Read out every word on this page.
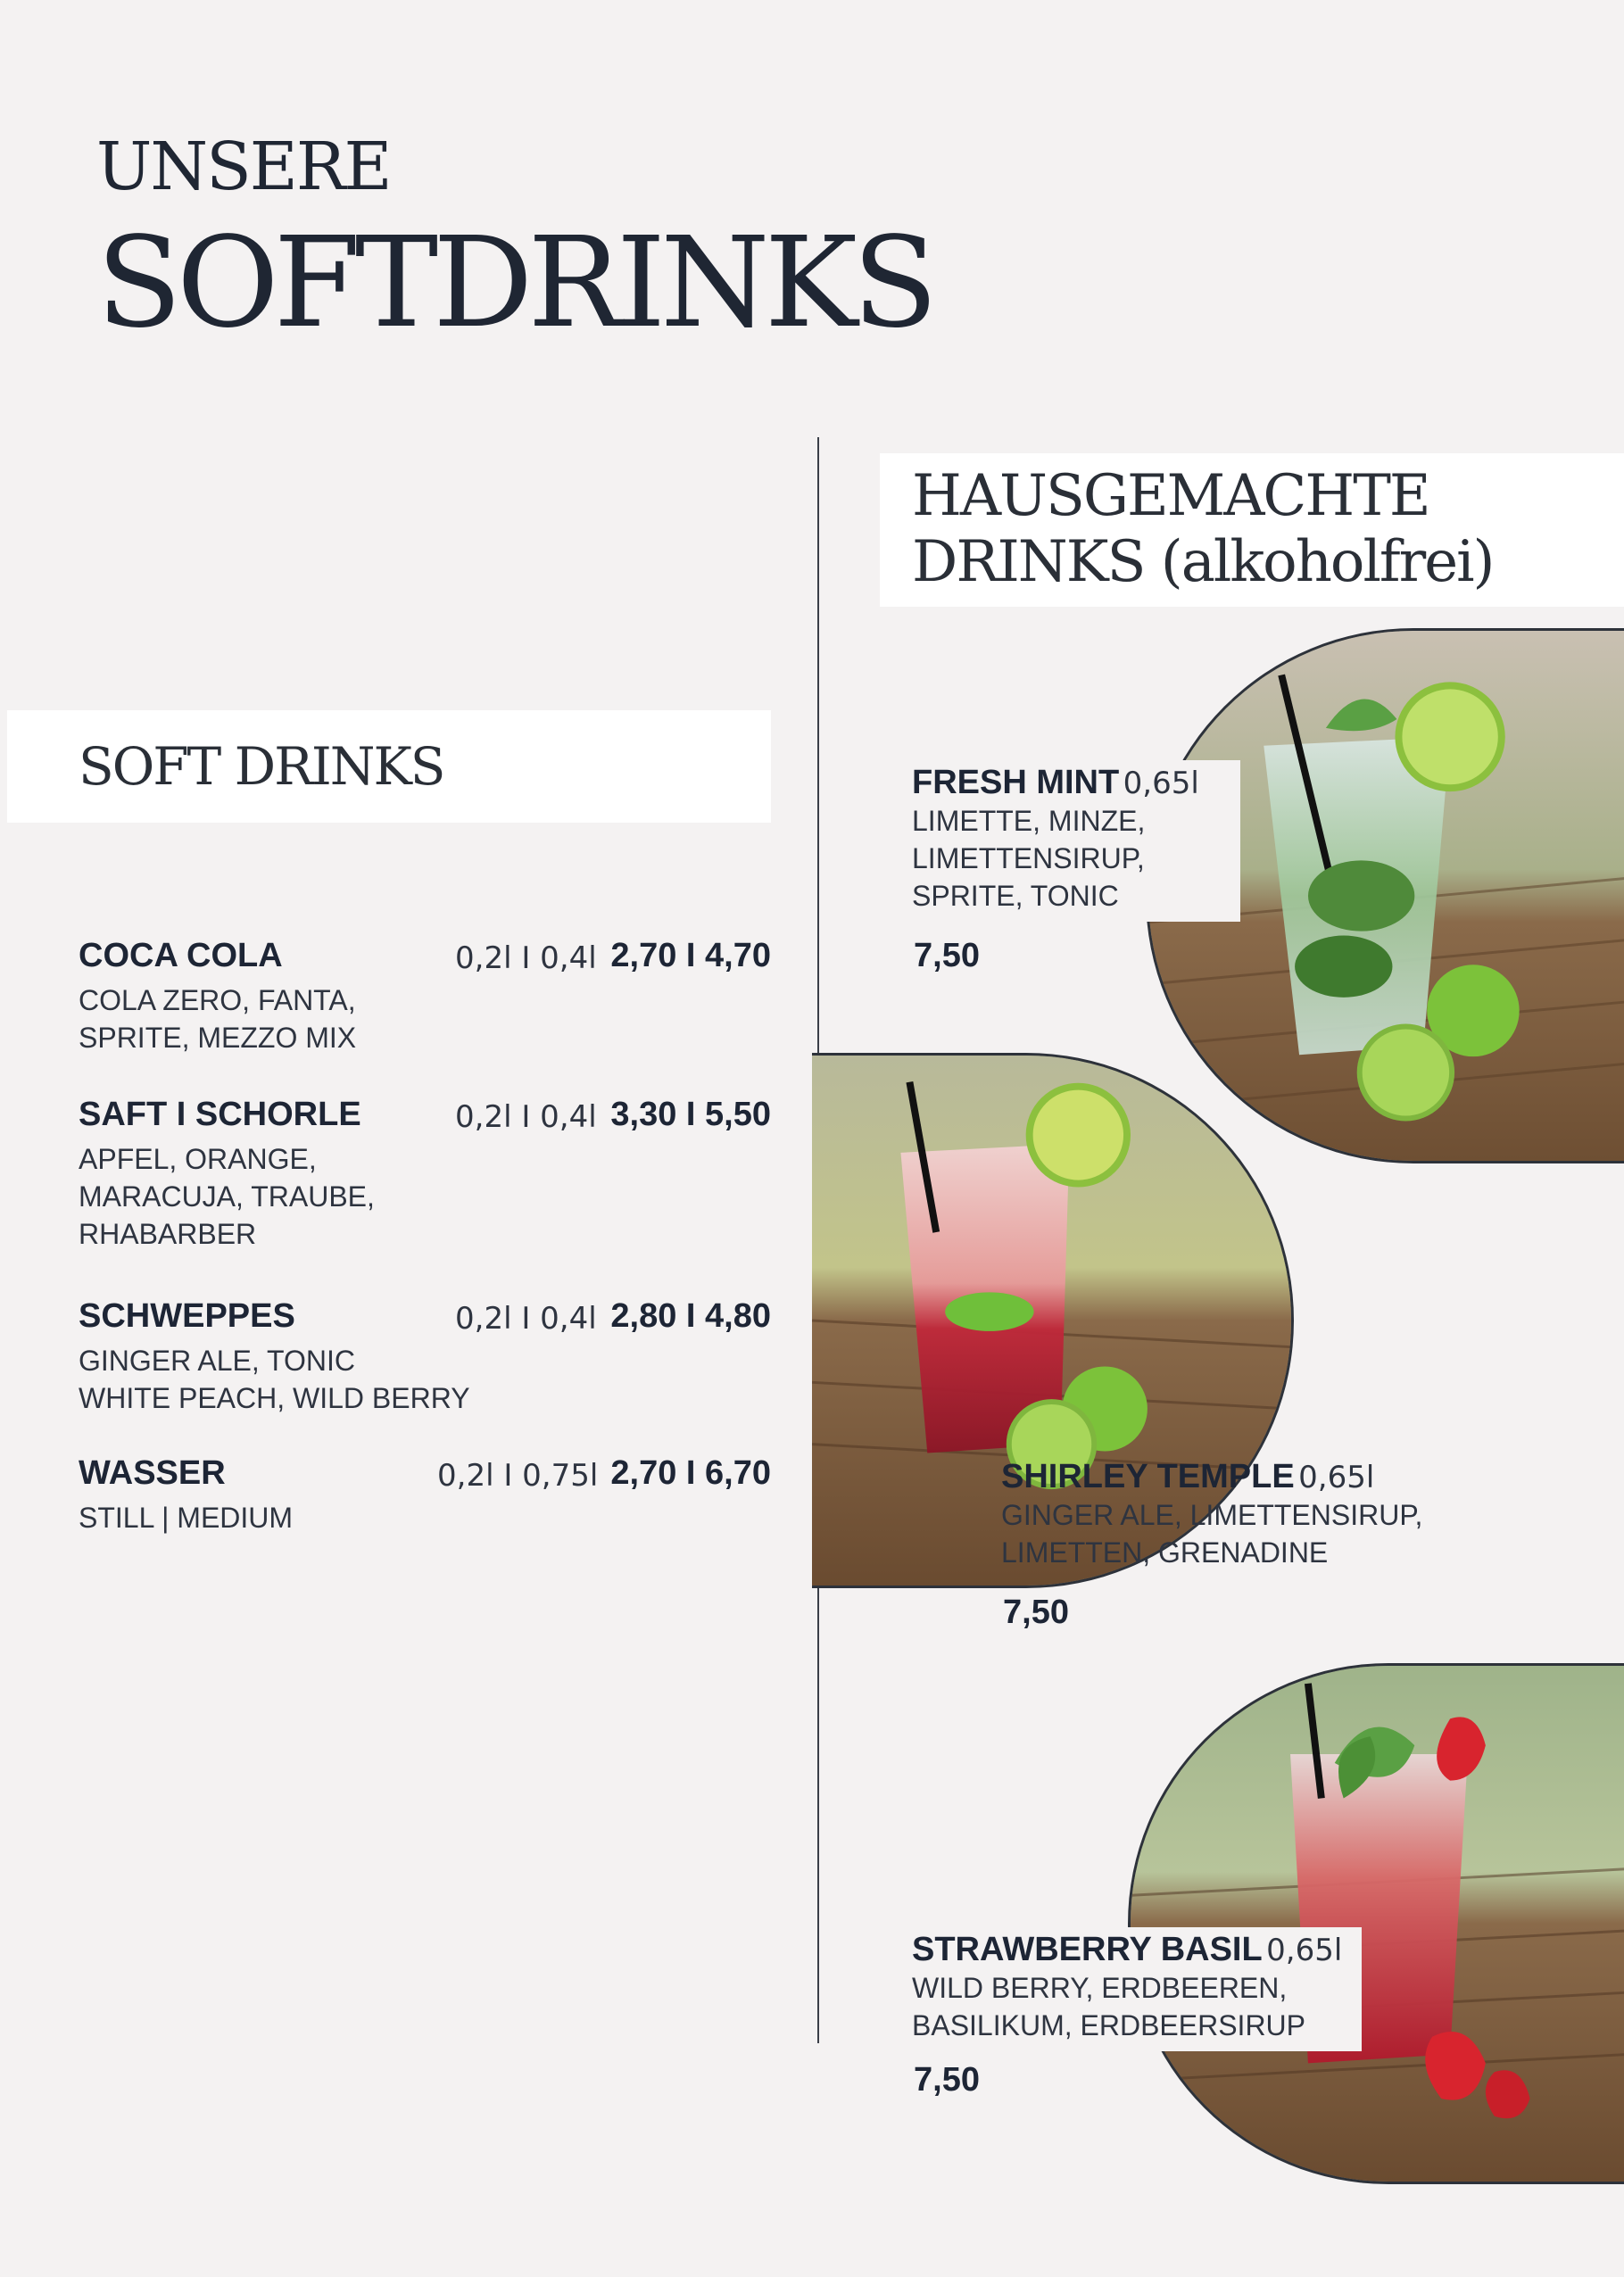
UNSERE
SOFTDRINKS
SOFT DRINKS
COCA COLA	0,2l I 0,4l 2,70 I 4,70
COLA ZERO, FANTA,
SPRITE, MEZZO MIX
SAFT I SCHORLE	0,2l I 0,4l 3,30 I 5,50
APFEL, ORANGE,
MARACUJA, TRAUBE,
RHABARBER
SCHWEPPES	0,2l I 0,4l 2,80 I 4,80
GINGER ALE, TONIC
WHITE PEACH, WILD BERRY
WASSER	0,2l I 0,75l 2,70 I 6,70
STILL | MEDIUM
HAUSGEMACHTE
DRINKS (alkoholfrei)
FRESH MINT 0,65l
LIMETTE, MINZE,
LIMETTENSIRUP,
SPRITE, TONIC
7,50
SHIRLEY TEMPLE 0,65l
GINGER ALE, LIMETTENSIRUP,
LIMETTEN, GRENADINE
7,50
STRAWBERRY BASIL 0,65l
WILD BERRY, ERDBEEREN,
BASILIKUM, ERDBEERSIRUP
7,50
